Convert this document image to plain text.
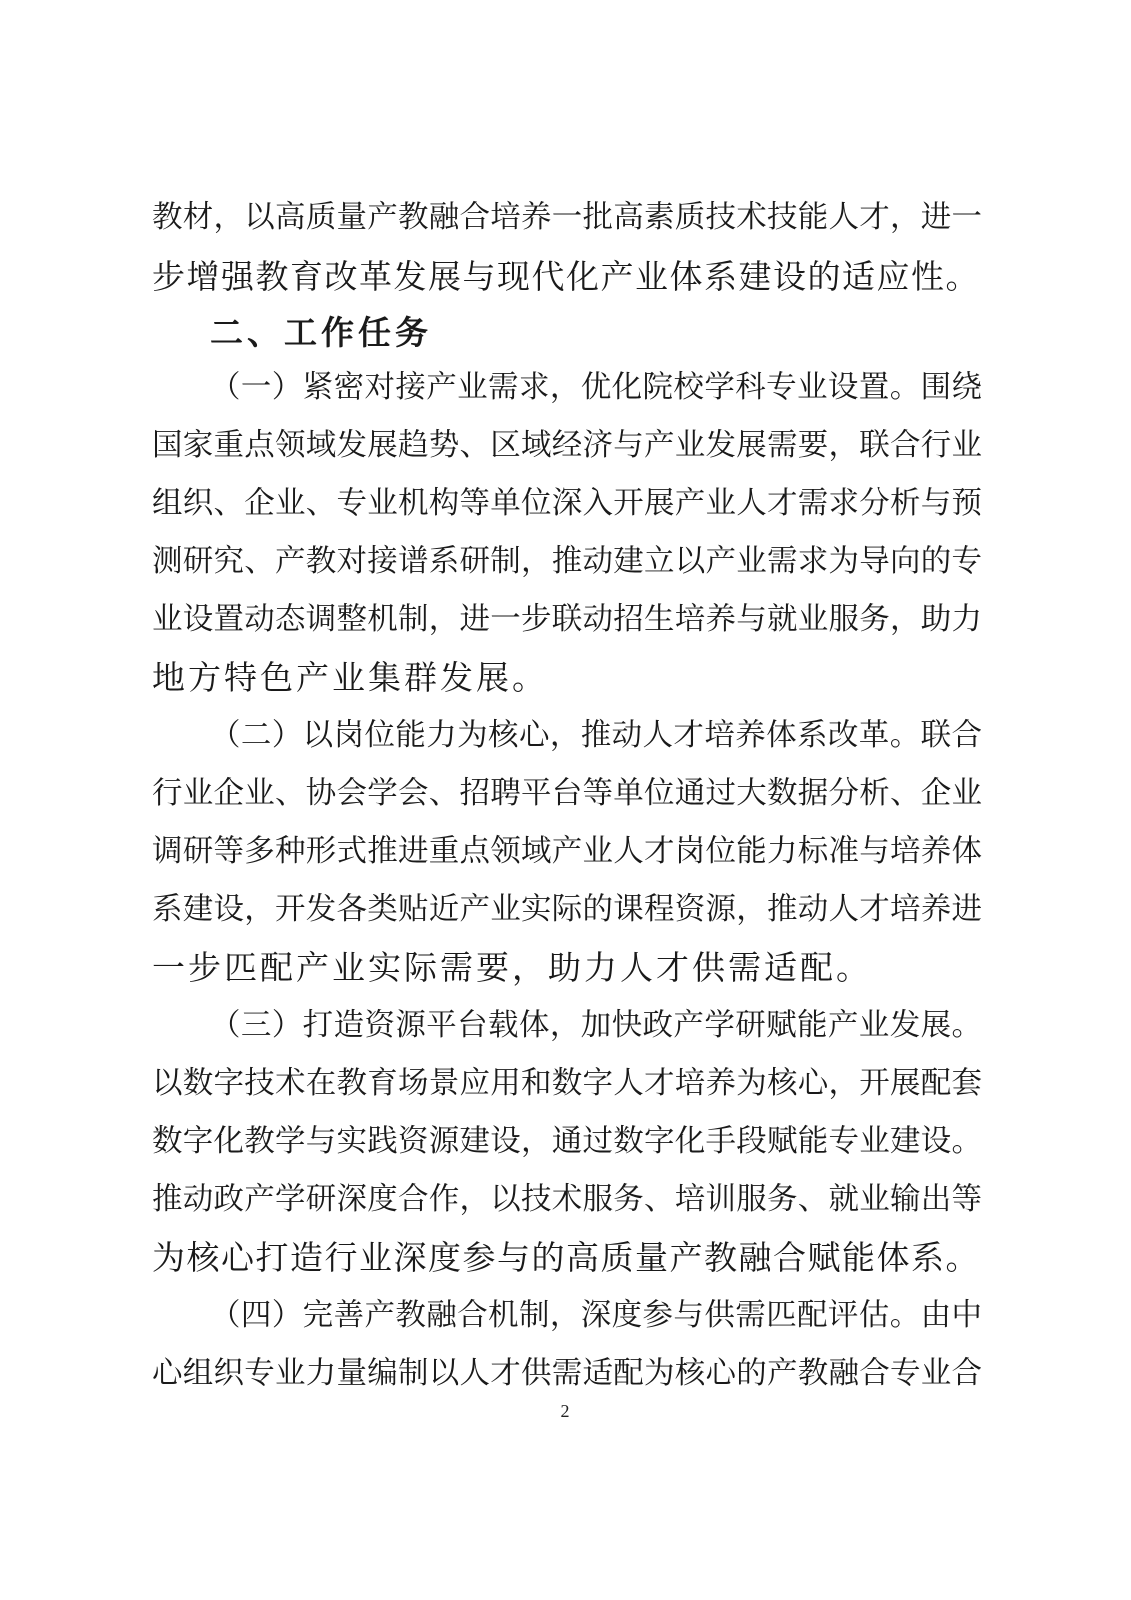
教材，以高质量产教融合培养一批高素质技术技能人才，进一
步增强教育改革发展与现代化产业体系建设的适应性。
二、工作任务
（一）紧密对接产业需求，优化院校学科专业设置。围绕
国家重点领域发展趋势、区域经济与产业发展需要，联合行业
组织、企业、专业机构等单位深入开展产业人才需求分析与预
测研究、产教对接谱系研制，推动建立以产业需求为导向的专
业设置动态调整机制，进一步联动招生培养与就业服务，助力
地方特色产业集群发展。
（二）以岗位能力为核心，推动人才培养体系改革。联合
行业企业、协会学会、招聘平台等单位通过大数据分析、企业
调研等多种形式推进重点领域产业人才岗位能力标准与培养体
系建设，开发各类贴近产业实际的课程资源，推动人才培养进
一步匹配产业实际需要，助力人才供需适配。
（三）打造资源平台载体，加快政产学研赋能产业发展。
以数字技术在教育场景应用和数字人才培养为核心，开展配套
数字化教学与实践资源建设，通过数字化手段赋能专业建设。
推动政产学研深度合作，以技术服务、培训服务、就业输出等
为核心打造行业深度参与的高质量产教融合赋能体系。
（四）完善产教融合机制，深度参与供需匹配评估。由中
心组织专业力量编制以人才供需适配为核心的产教融合专业合
2
